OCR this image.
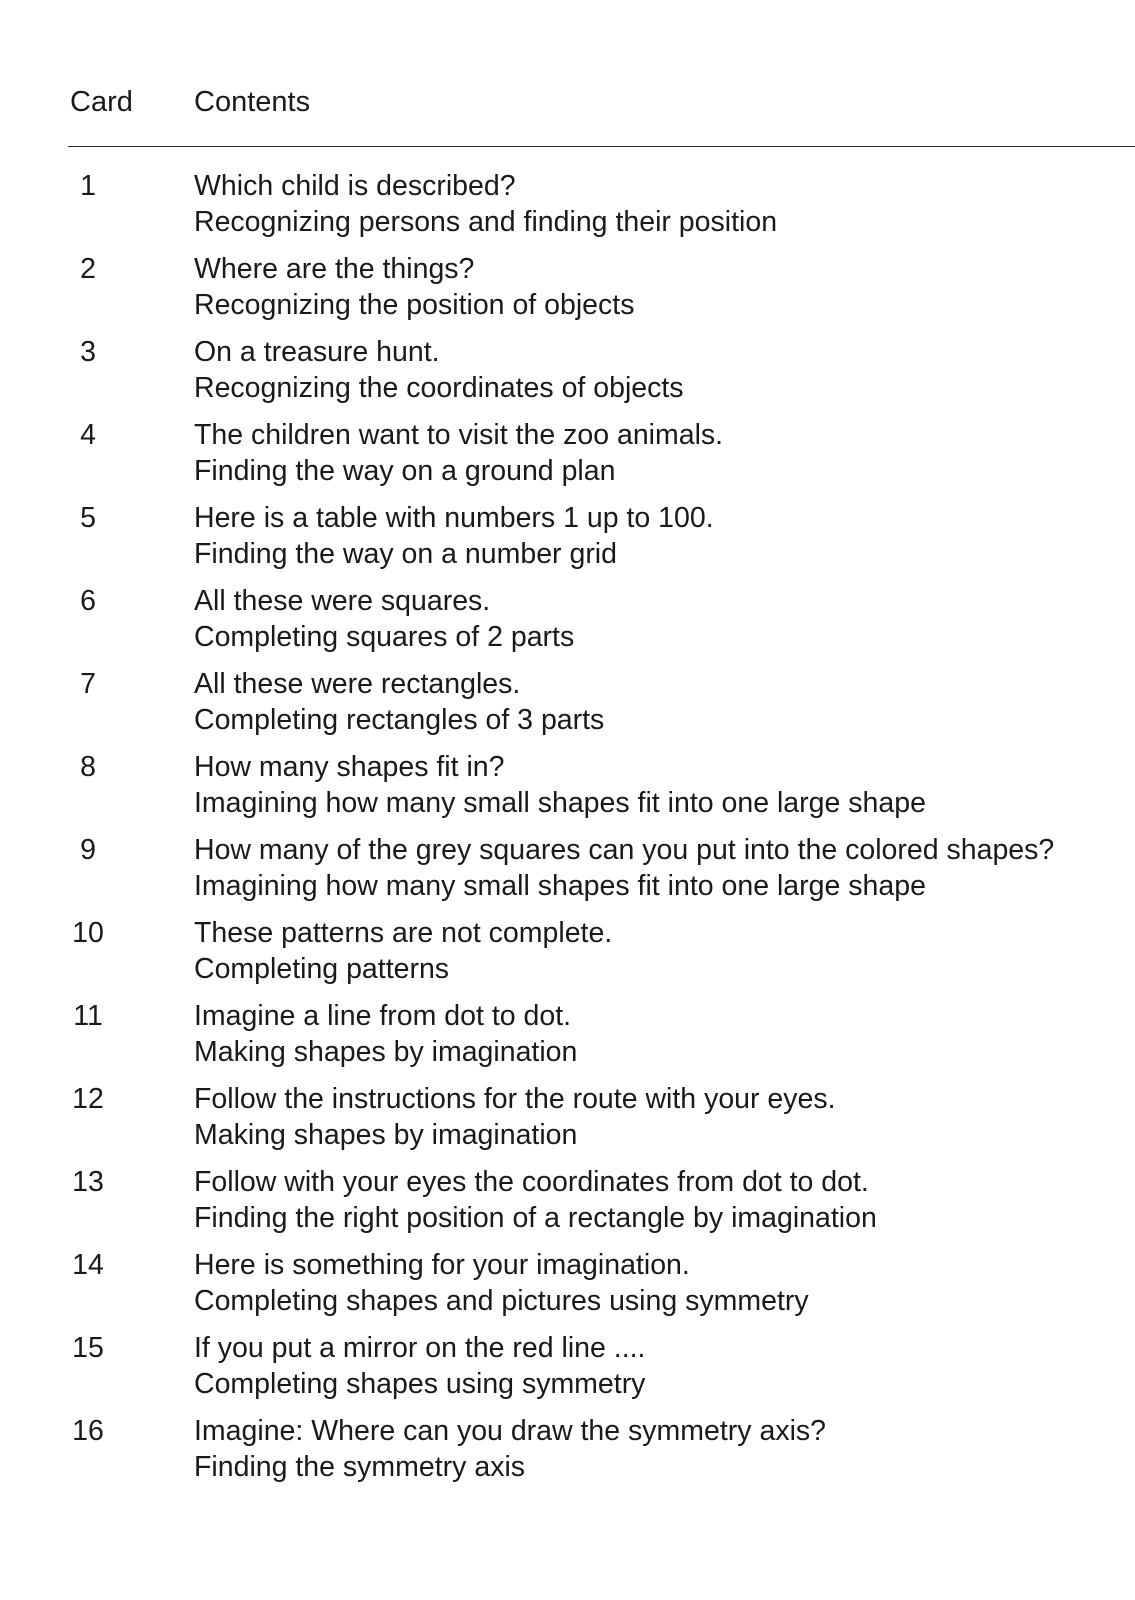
Card Contents
1	Which child is described?
Recognizing persons and finding their position
2	Where are the things?
Recognizing the position of objects
3	On a treasure hunt.
Recognizing the coordinates of objects
4	The children want to visit the zoo animals.
Finding the way on a ground plan
5	Here is a table with numbers 1 up to 100.
Finding the way on a number grid
6	All these were squares.
Completing squares of 2 parts
7	All these were rectangles.
Completing rectangles of 3 parts
8	How many shapes fit in?
Imagining how many small shapes fit into one large shape
9	How many of the grey squares can you put into the colored shapes?
Imagining how many small shapes fit into one large shape
10	These patterns are not complete.
Completing patterns
11	Imagine a line from dot to dot.
Making shapes by imagination
12	Follow the instructions for the route with your eyes.
Making shapes by imagination
13	Follow with your eyes the coordinates from dot to dot.
Finding the right position of a rectangle by imagination
14	Here is something for your imagination.
Completing shapes and pictures using symmetry
15	If you put a mirror on the red line ....
Completing shapes using symmetry
16	Imagine: Where can you draw the symmetry axis?
Finding the symmetry axis
